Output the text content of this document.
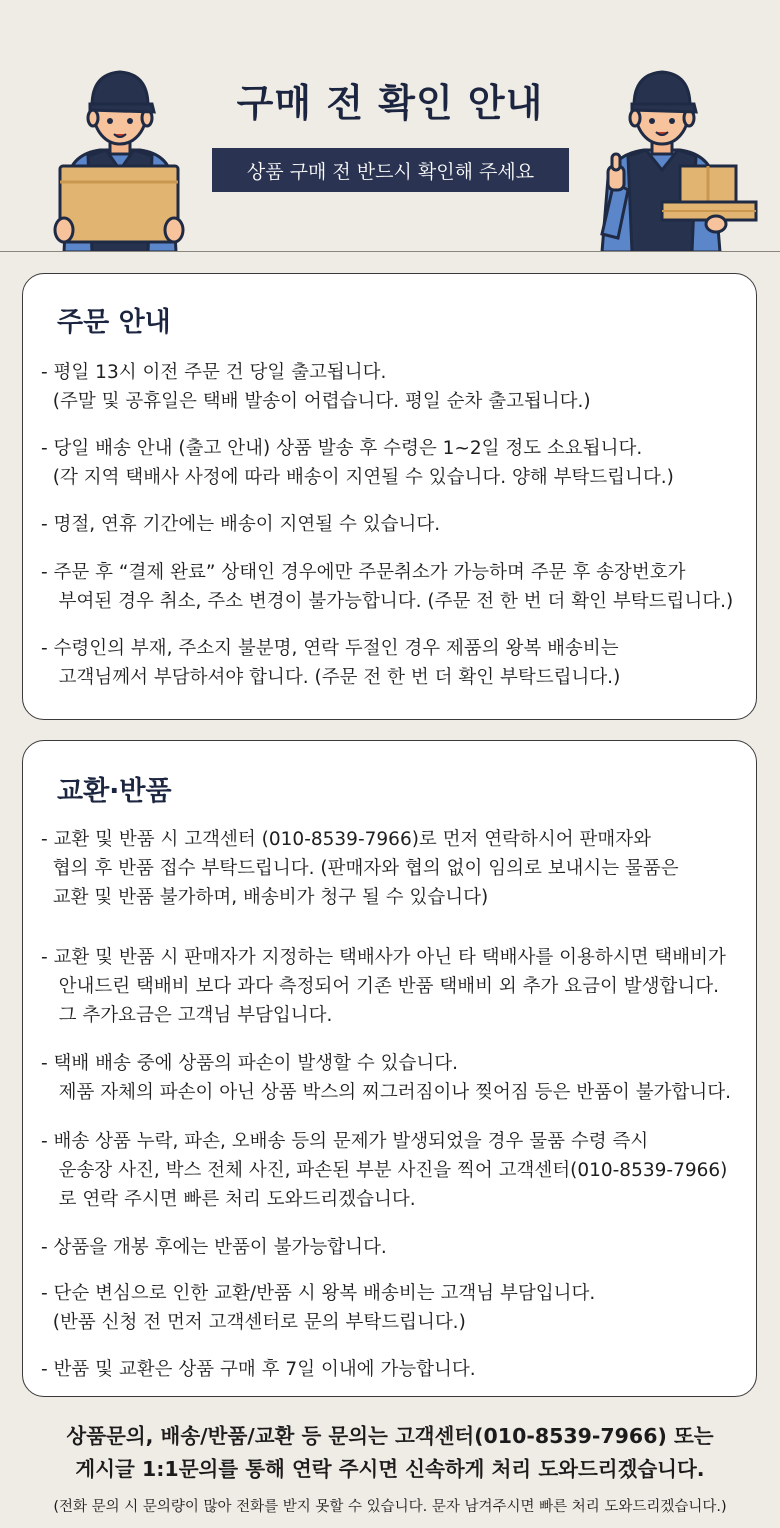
구매 전 확인 안내
상품 구매 전 반드시 확인해 주세요
주문 안내
- 평일 13시 이전 주문 건 당일 출고됩니다.
(주말 및 공휴일은 택배 발송이 어렵습니다. 평일 순차 출고됩니다.)
- 당일 배송 안내 (출고 안내) 상품 발송 후 수령은 1~2일 정도 소요됩니다.
(각 지역 택배사 사정에 따라 배송이 지연될 수 있습니다. 양해 부탁드립니다.)
- 명절, 연휴 기간에는 배송이 지연될 수 있습니다.
- 주문 후 “결제 완료” 상태인 경우에만 주문취소가 가능하며 주문 후 송장번호가
부여된 경우 취소, 주소 변경이 불가능합니다. (주문 전 한 번 더 확인 부탁드립니다.)
- 수령인의 부재, 주소지 불분명, 연락 두절인 경우 제품의 왕복 배송비는
고객님께서 부담하셔야 합니다. (주문 전 한 번 더 확인 부탁드립니다.)
교환·반품
- 교환 및 반품 시 고객센터 (010-8539-7966)로 먼저 연락하시어 판매자와
협의 후 반품 접수 부탁드립니다. (판매자와 협의 없이 임의로 보내시는 물품은
교환 및 반품 불가하며, 배송비가 청구 될 수 있습니다)
- 교환 및 반품 시 판매자가 지정하는 택배사가 아닌 타 택배사를 이용하시면 택배비가
안내드린 택배비 보다 과다 측정되어 기존 반품 택배비 외 추가 요금이 발생합니다.
그 추가요금은 고객님 부담입니다.
- 택배 배송 중에 상품의 파손이 발생할 수 있습니다.
제품 자체의 파손이 아닌 상품 박스의 찌그러짐이나 찢어짐 등은 반품이 불가합니다.
- 배송 상품 누락, 파손, 오배송 등의 문제가 발생되었을 경우 물품 수령 즉시
운송장 사진, 박스 전체 사진, 파손된 부분 사진을 찍어 고객센터(010-8539-7966)
로 연락 주시면 빠른 처리 도와드리겠습니다.
- 상품을 개봉 후에는 반품이 불가능합니다.
- 단순 변심으로 인한 교환/반품 시 왕복 배송비는 고객님 부담입니다.
(반품 신청 전 먼저 고객센터로 문의 부탁드립니다.)
- 반품 및 교환은 상품 구매 후 7일 이내에 가능합니다.
상품문의, 배송/반품/교환 등 문의는 고객센터(010-8539-7966) 또는
게시글 1:1문의를 통해 연락 주시면 신속하게 처리 도와드리겠습니다.
(전화 문의 시 문의량이 많아 전화를 받지 못할 수 있습니다. 문자 남겨주시면 빠른 처리 도와드리겠습니다.)
